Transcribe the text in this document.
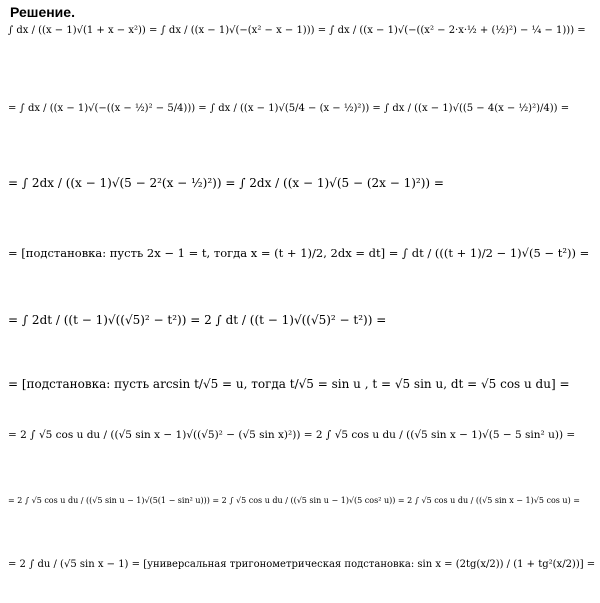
Решение.
∫ dx / ((x − 1)√(1 + x − x²)) = ∫ dx / ((x − 1)√(−(x² − x − 1))) = ∫ dx / ((x − 1)√(−((x² − 2·x·½ + (½)²) − ¼ − 1))) =
= ∫ dx / ((x − 1)√(−((x − ½)² − 5/4))) = ∫ dx / ((x − 1)√(5/4 − (x − ½)²)) = ∫ dx / ((x − 1)√((5 − 4(x − ½)²)/4)) =
= ∫ 2dx / ((x − 1)√(5 − 2²(x − ½)²)) = ∫ 2dx / ((x − 1)√(5 − (2x − 1)²)) =
= [подстановка: пусть 2x − 1 = t, тогда x = (t + 1)/2, 2dx = dt] = ∫ dt / (((t + 1)/2 − 1)√(5 − t²)) =
= ∫ 2dt / ((t − 1)√((√5)² − t²)) = 2 ∫ dt / ((t − 1)√((√5)² − t²)) =
= [подстановка: пусть arcsin t/√5 = u, тогда t/√5 = sin u , t = √5 sin u, dt = √5 cos u du] =
= 2 ∫ √5 cos u du / ((√5 sin x − 1)√((√5)² − (√5 sin x)²)) = 2 ∫ √5 cos u du / ((√5 sin x − 1)√(5 − 5 sin² u)) =
= 2 ∫ √5 cos u du / ((√5 sin u − 1)√(5(1 − sin² u))) = 2 ∫ √5 cos u du / ((√5 sin u − 1)√(5 cos² u)) = 2 ∫ √5 cos u du / ((√5 sin x − 1)√5 cos u) =
= 2 ∫ du / (√5 sin x − 1) = [универсальная тригонометрическая подстановка: sin x = (2tg(x/2)) / (1 + tg²(x/2))] =
